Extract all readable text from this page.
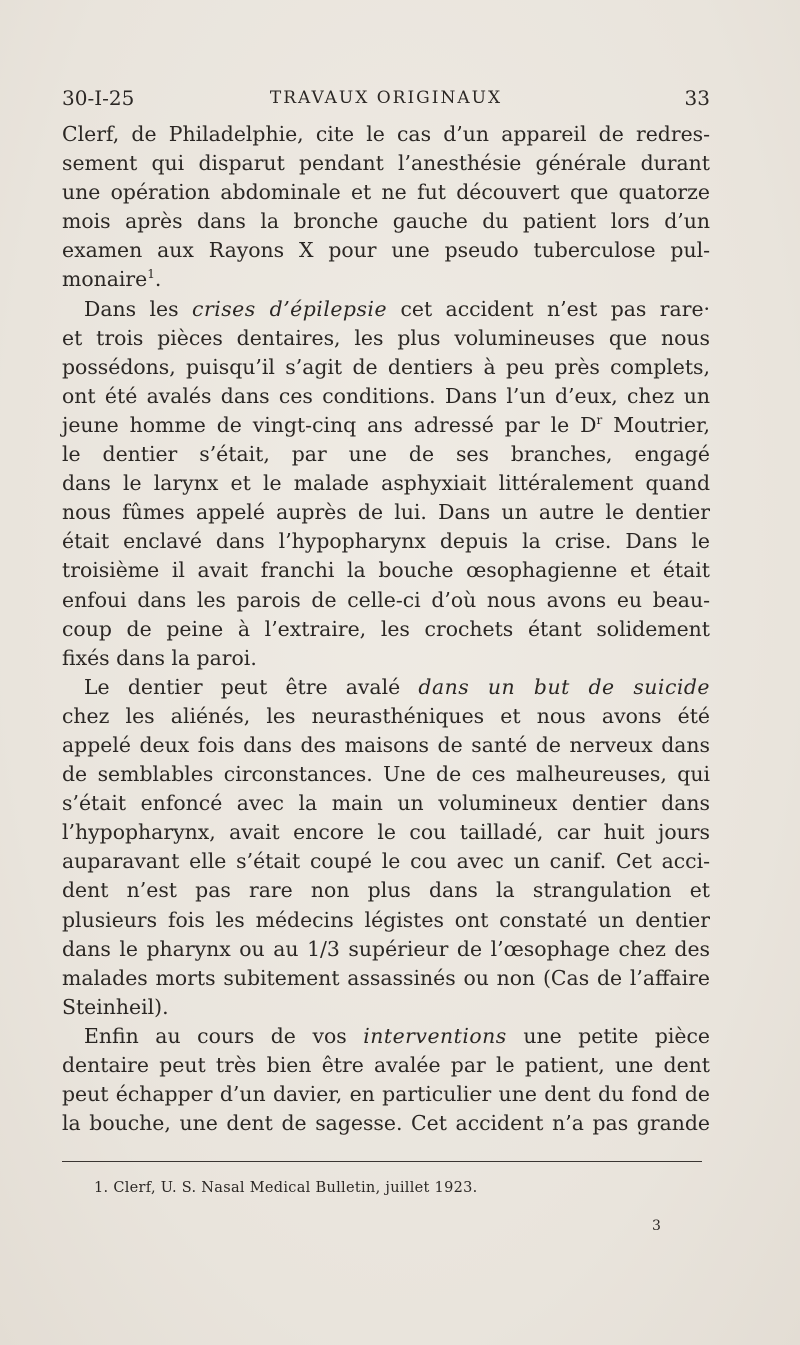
30-I-25	TRAVAUX ORIGINAUX	33

Clerf, de Philadelphie, cite le cas d’un appareil de redres-
sement qui disparut pendant l’anesthésie générale durant
une opération abdominale et ne fut découvert que quatorze
mois après dans la bronche gauche du patient lors d’un
examen aux Rayons X pour une pseudo tuberculose pul-
monaire$^1$.

Dans les crises d’épilepsie cet accident n’est pas rare·
et trois pièces dentaires, les plus volumineuses que nous
possédons, puisqu’il s’agit de dentiers à peu près complets,
ont été avalés dans ces conditions. Dans l’un d’eux, chez un
jeune homme de vingt-cinq ans adressé par le $D^r$ Moutrier,
le dentier s’était, par une de ses branches, engagé
dans le larynx et le malade asphyxiait littéralement quand
nous fûmes appelé auprès de lui. Dans un autre le dentier
était enclavé dans l’hypopharynx depuis la crise. Dans le
troisième il avait franchi la bouche œsophagienne et était
enfoui dans les parois de celle-ci d’où nous avons eu beau-
coup de peine à l’extraire, les crochets étant solidement
fixés dans la paroi.

Le dentier peut être avalé dans un but de suicide
chez les aliénés, les neurasthéniques et nous avons été
appelé deux fois dans des maisons de santé de nerveux dans
de semblables circonstances. Une de ces malheureuses, qui
s’était enfoncé avec la main un volumineux dentier dans
l’hypopharynx, avait encore le cou tailladé, car huit jours
auparavant elle s’était coupé le cou avec un canif. Cet acci-
dent n’est pas rare non plus dans la strangulation et
plusieurs fois les médecins légistes ont constaté un dentier
dans le pharynx ou au 1/3 supérieur de l’œsophage chez des
malades morts subitement assassinés ou non (Cas de l’affaire
Steinheil).

Enfin au cours de vos interventions une petite pièce
dentaire peut très bien être avalée par le patient, une dent
peut échapper d’un davier, en particulier une dent du fond de
la bouche, une dent de sagesse. Cet accident n’a pas grande

1. Clerf, U. S. Nasal Medical Bulletin, juillet 1923.
3
